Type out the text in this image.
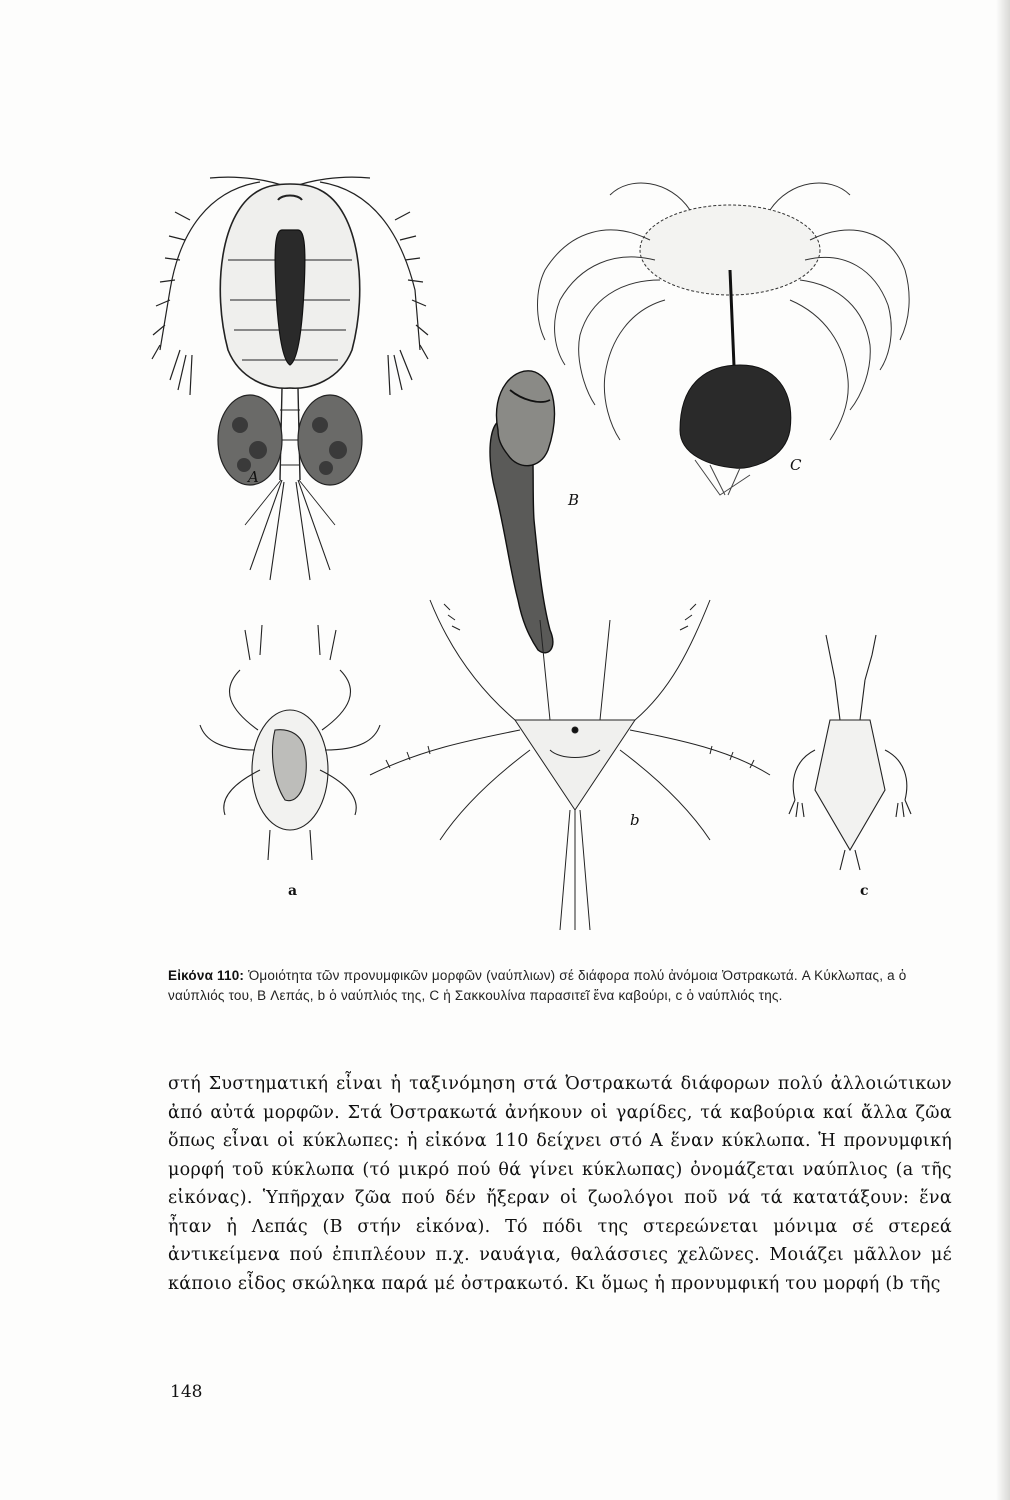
A
B
C
a
b
c
Εἰκόνα 110: Ὁμοιότητα τῶν προνυμφικῶν μορφῶν (ναύπλιων) σέ διάφορα πολύ ἀνόμοια Ὀστρακωτά. A Κύκλωπας, a ὁ ναύπλιός του, B Λεπάς, b ὁ ναύπλιός της, C ἡ Σακκουλίνα παρασιτεῖ ἕνα καβούρι, c ὁ ναύπλιός της.

στή Συστηματική εἶναι ἡ ταξινόμηση στά Ὀστρακωτά διάφορων πολύ ἀλλοιώτικων ἀπό αὐτά μορφῶν. Στά Ὀστρακωτά ἀνήκουν οἱ γαρίδες, τά καβούρια καί ἄλλα ζῶα ὅπως εἶναι οἱ κύκλωπες: ἡ εἰκόνα 110 δείχνει στό A ἕναν κύκλωπα. Ἡ προνυμφική μορφή τοῦ κύκλωπα (τό μικρό πού θά γίνει κύκλωπας) ὀνομάζεται ναύπλιος (a τῆς εἰκόνας). Ὑπῆρχαν ζῶα πού δέν ἤξεραν οἱ ζωολόγοι ποῦ νά τά κατατάξουν: ἕνα ἦταν ἡ Λεπάς (B στήν εἰκόνα). Τό πόδι της στερεώνεται μόνιμα σέ στερεά ἀντικείμενα πού ἐπιπλέουν π.χ. ναυάγια, θαλάσσιες χελῶνες. Μοιάζει μᾶλλον μέ κάποιο εἶδος σκώληκα παρά μέ ὀστρακωτό. Κι ὅμως ἡ προνυμφική του μορφή (b τῆς

148
